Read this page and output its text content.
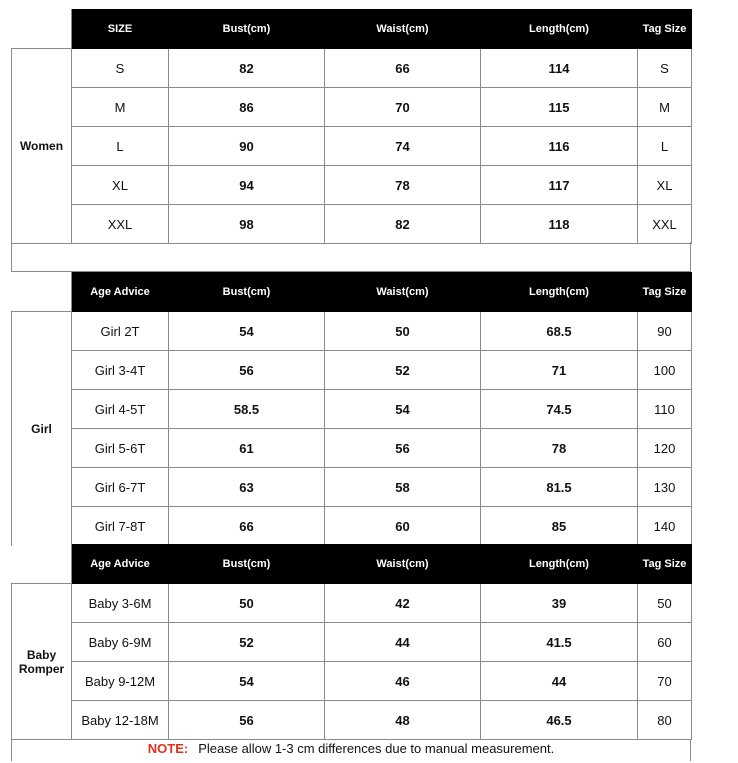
	SIZE	Bust(cm)	Waist(cm)	Length(cm)	Tag Size
Women	S	82	66	114	S
	M	86	70	115	M
	L	90	74	116	L
	XL	94	78	117	XL
	XXL	98	82	118	XXL
	Age Advice	Bust(cm)	Waist(cm)	Length(cm)	Tag Size
Girl	Girl 2T	54	50	68.5	90
	Girl 3-4T	56	52	71	100
	Girl 4-5T	58.5	54	74.5	110
	Girl 5-6T	61	56	78	120
	Girl 6-7T	63	58	81.5	130
	Girl 7-8T	66	60	85	140
	Age Advice	Bust(cm)	Waist(cm)	Length(cm)	Tag Size
Baby Romper	Baby 3-6M	50	42	39	50
	Baby 6-9M	52	44	41.5	60
	Baby 9-12M	54	46	44	70
	Baby 12-18M	56	48	46.5	80
NOTE: Please allow 1-3 cm differences due to manual measurement.
